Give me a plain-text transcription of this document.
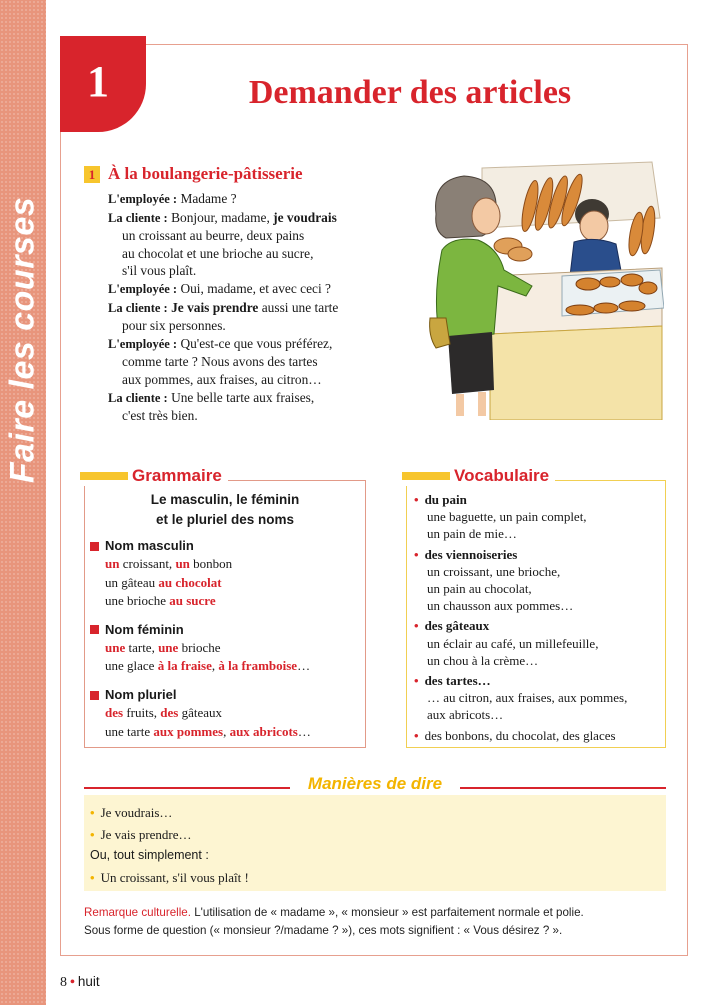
Faire les courses
1	Demander des articles
1 À la boulangerie-pâtisserie
L'employée : Madame ?
La cliente : Bonjour, madame, je voudrais
un croissant au beurre, deux pains
au chocolat et une brioche au sucre,
s'il vous plaît.
L'employée : Oui, madame, et avec ceci ?
La cliente : Je vais prendre aussi une tarte
pour six personnes.
L'employée : Qu'est-ce que vous préférez,
comme tarte ? Nous avons des tartes
aux pommes, aux fraises, au citron…
La cliente : Une belle tarte aux fraises,
c'est très bien.
Grammaire
Le masculin, le féminin
et le pluriel des noms
Nom masculin
un croissant, un bonbon
un gâteau au chocolat
une brioche au sucre
Nom féminin
une tarte, une brioche
une glace à la fraise, à la framboise…
Nom pluriel
des fruits, des gâteaux
une tarte aux pommes, aux abricots…
Vocabulaire
• du pain
une baguette, un pain complet,
un pain de mie…
• des viennoiseries
un croissant, une brioche,
un pain au chocolat,
un chausson aux pommes…
• des gâteaux
un éclair au café, un millefeuille,
un chou à la crème…
• des tartes…
… au citron, aux fraises, aux pommes,
aux abricots…
• des bonbons, du chocolat, des glaces
Manières de dire
• Je voudrais…
• Je vais prendre…
Ou, tout simplement :
• Un croissant, s'il vous plaît !
Remarque culturelle. L'utilisation de « madame », « monsieur » est parfaitement normale et polie.
Sous forme de question (« monsieur ?/madame ? »), ces mots signifient : « Vous désirez ? ».
8 • huit
